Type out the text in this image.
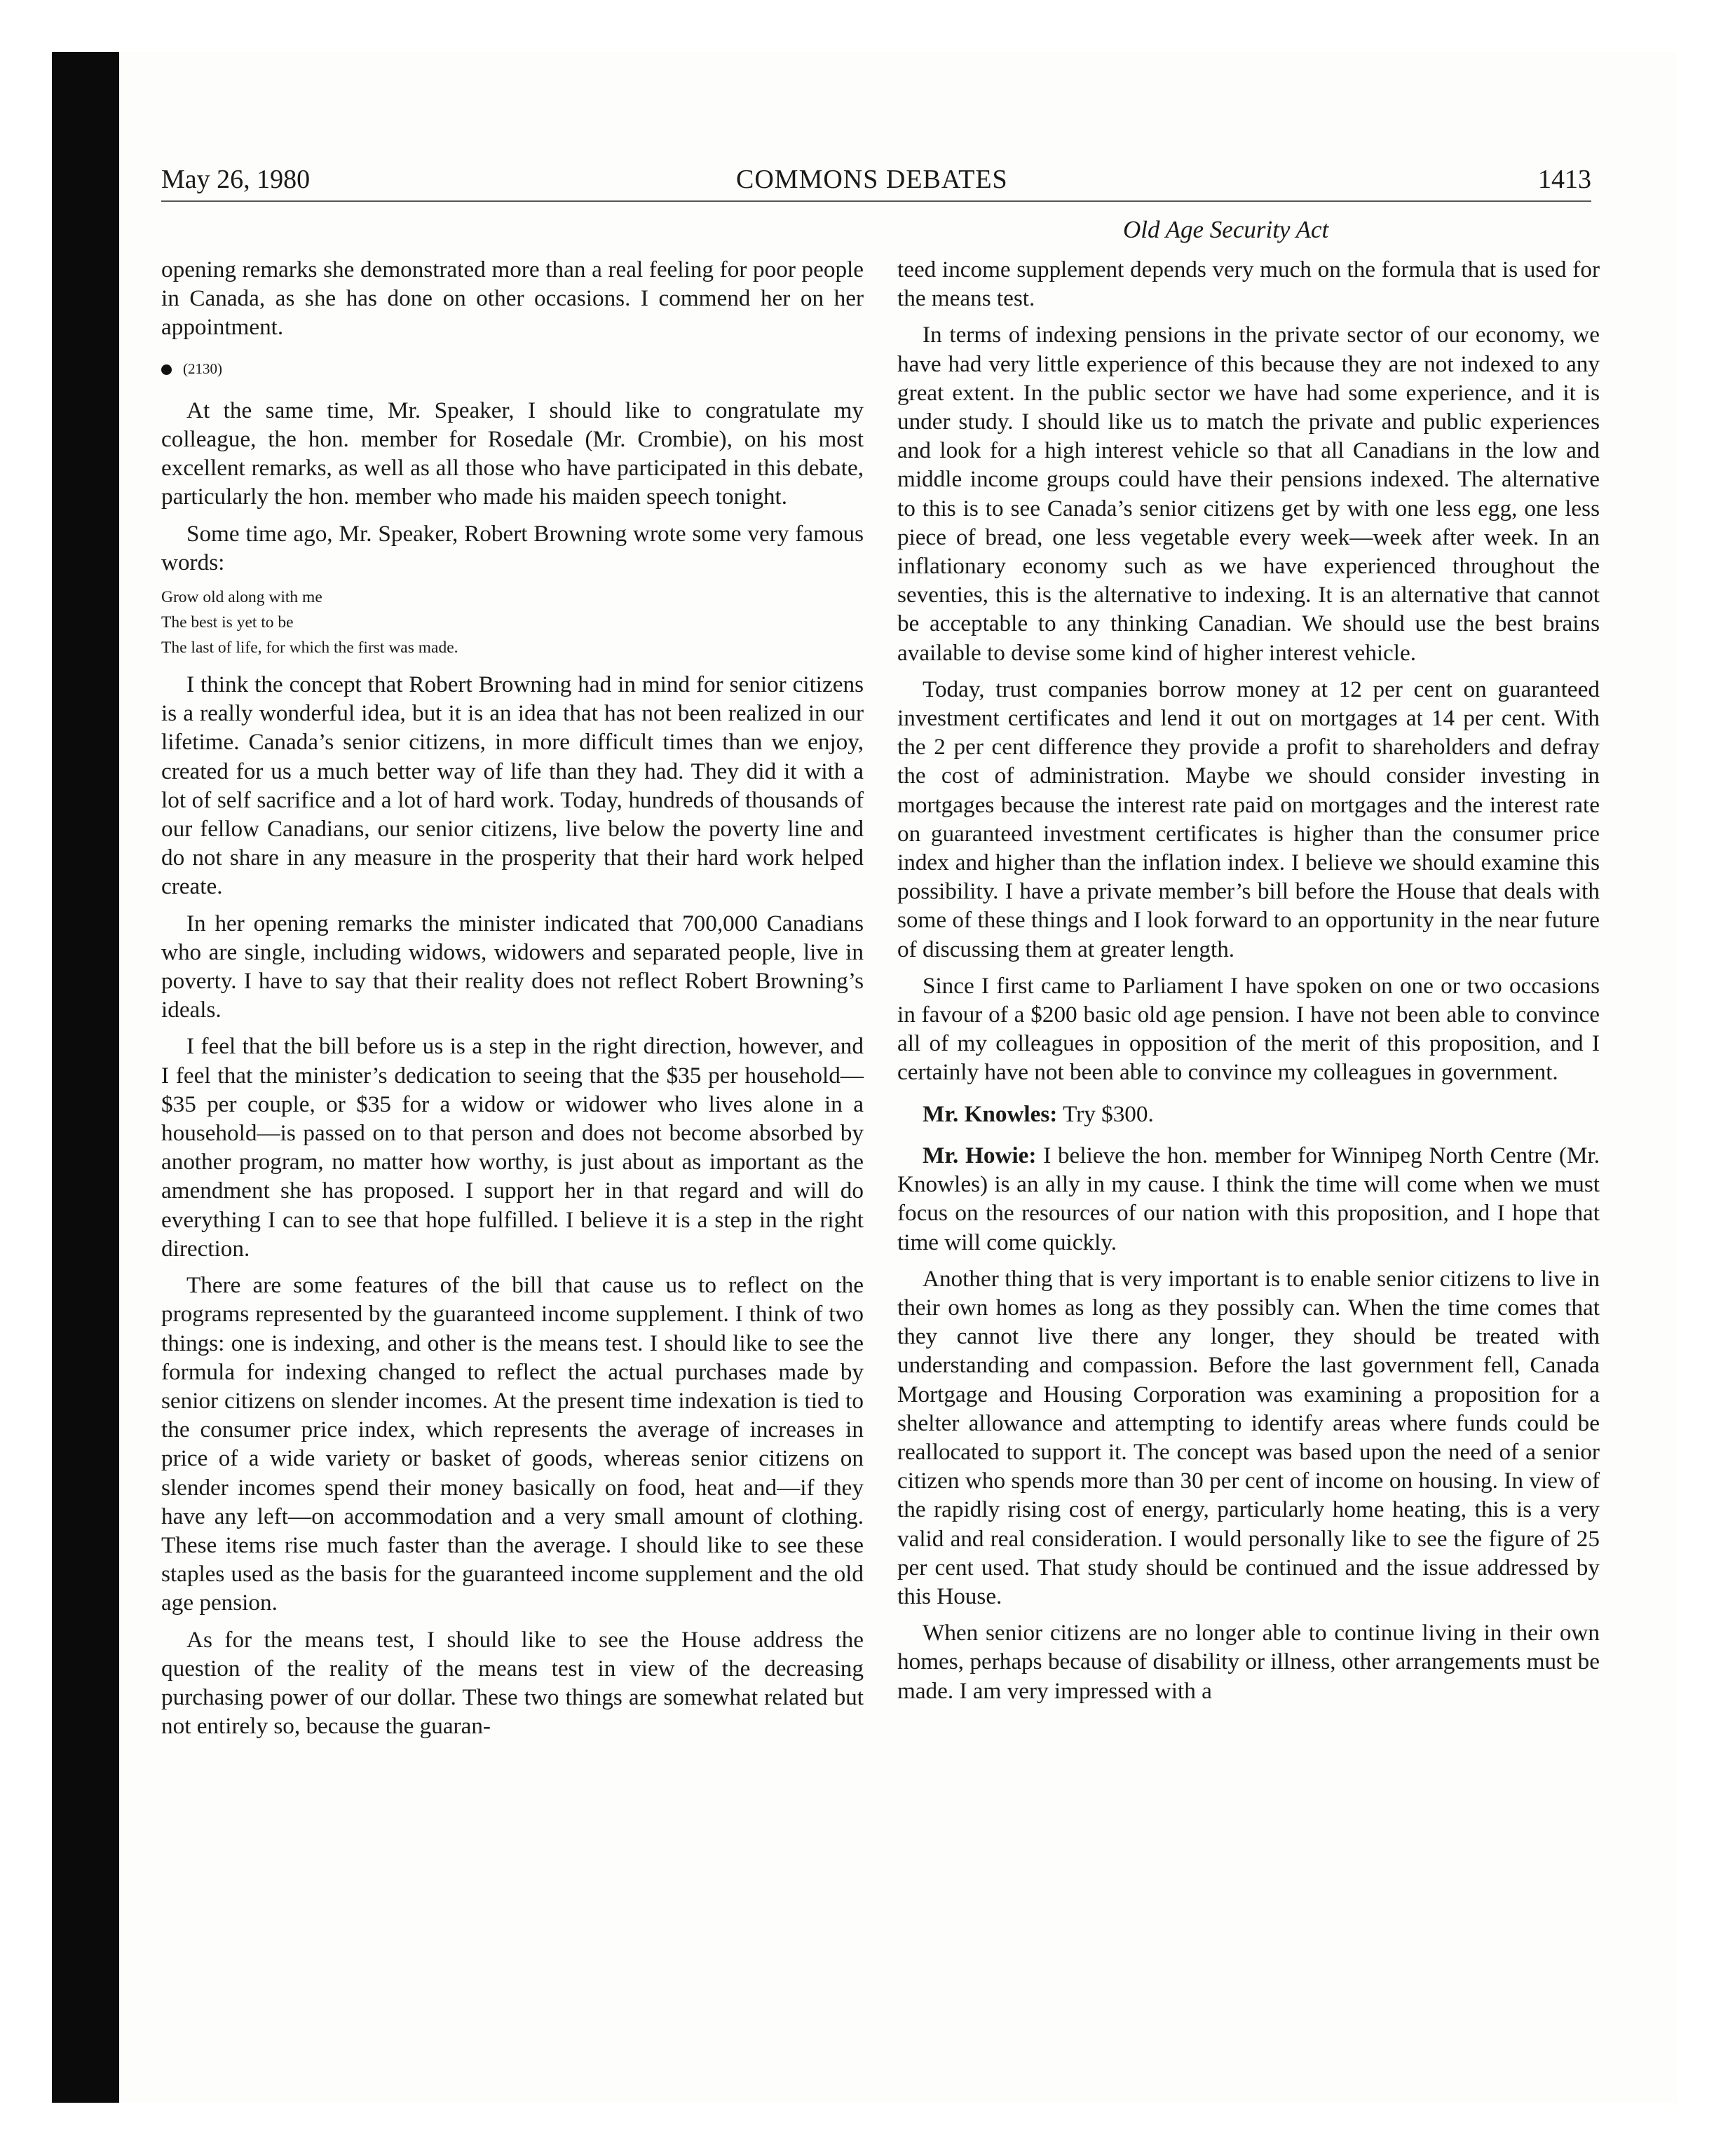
May 26, 1980	COMMONS DEBATES	1413
Old Age Security Act

opening remarks she demonstrated more than a real feeling for poor people in Canada, as she has done on other occasions. I commend her on her appointment.

(2130)

At the same time, Mr. Speaker, I should like to congratulate my colleague, the hon. member for Rosedale (Mr. Crombie), on his most excellent remarks, as well as all those who have participated in this debate, particularly the hon. member who made his maiden speech tonight.

Some time ago, Mr. Speaker, Robert Browning wrote some very famous words:

Grow old along with me
The best is yet to be
The last of life, for which the first was made.

I think the concept that Robert Browning had in mind for senior citizens is a really wonderful idea, but it is an idea that has not been realized in our lifetime. Canada’s senior citizens, in more difficult times than we enjoy, created for us a much better way of life than they had. They did it with a lot of self sacrifice and a lot of hard work. Today, hundreds of thousands of our fellow Canadians, our senior citizens, live below the poverty line and do not share in any measure in the prosperity that their hard work helped create.

In her opening remarks the minister indicated that 700,000 Canadians who are single, including widows, widowers and separated people, live in poverty. I have to say that their reality does not reflect Robert Browning’s ideals.

I feel that the bill before us is a step in the right direction, however, and I feel that the minister’s dedication to seeing that the $35 per household—$35 per couple, or $35 for a widow or widower who lives alone in a household—is passed on to that person and does not become absorbed by another program, no matter how worthy, is just about as important as the amendment she has proposed. I support her in that regard and will do everything I can to see that hope fulfilled. I believe it is a step in the right direction.

There are some features of the bill that cause us to reflect on the programs represented by the guaranteed income supplement. I think of two things: one is indexing, and other is the means test. I should like to see the formula for indexing changed to reflect the actual purchases made by senior citizens on slender incomes. At the present time indexation is tied to the consumer price index, which represents the average of increases in price of a wide variety or basket of goods, whereas senior citizens on slender incomes spend their money basically on food, heat and—if they have any left—on accommodation and a very small amount of clothing. These items rise much faster than the average. I should like to see these staples used as the basis for the guaranteed income supplement and the old age pension.

As for the means test, I should like to see the House address the question of the reality of the means test in view of the decreasing purchasing power of our dollar. These two things are somewhat related but not entirely so, because the guaran-

teed income supplement depends very much on the formula that is used for the means test.

In terms of indexing pensions in the private sector of our economy, we have had very little experience of this because they are not indexed to any great extent. In the public sector we have had some experience, and it is under study. I should like us to match the private and public experiences and look for a high interest vehicle so that all Canadians in the low and middle income groups could have their pensions indexed. The alternative to this is to see Canada’s senior citizens get by with one less egg, one less piece of bread, one less vegetable every week—week after week. In an inflationary economy such as we have experienced throughout the seventies, this is the alternative to indexing. It is an alternative that cannot be acceptable to any thinking Canadian. We should use the best brains available to devise some kind of higher interest vehicle.

Today, trust companies borrow money at 12 per cent on guaranteed investment certificates and lend it out on mortgages at 14 per cent. With the 2 per cent difference they provide a profit to shareholders and defray the cost of administration. Maybe we should consider investing in mortgages because the interest rate paid on mortgages and the interest rate on guaranteed investment certificates is higher than the consumer price index and higher than the inflation index. I believe we should examine this possibility. I have a private member’s bill before the House that deals with some of these things and I look forward to an opportunity in the near future of discussing them at greater length.

Since I first came to Parliament I have spoken on one or two occasions in favour of a $200 basic old age pension. I have not been able to convince all of my colleagues in opposition of the merit of this proposition, and I certainly have not been able to convince my colleagues in government.

Mr. Knowles: Try $300.

Mr. Howie: I believe the hon. member for Winnipeg North Centre (Mr. Knowles) is an ally in my cause. I think the time will come when we must focus on the resources of our nation with this proposition, and I hope that time will come quickly.

Another thing that is very important is to enable senior citizens to live in their own homes as long as they possibly can. When the time comes that they cannot live there any longer, they should be treated with understanding and compassion. Before the last government fell, Canada Mortgage and Housing Corporation was examining a proposition for a shelter allowance and attempting to identify areas where funds could be reallocated to support it. The concept was based upon the need of a senior citizen who spends more than 30 per cent of income on housing. In view of the rapidly rising cost of energy, particularly home heating, this is a very valid and real consideration. I would personally like to see the figure of 25 per cent used. That study should be continued and the issue addressed by this House.

When senior citizens are no longer able to continue living in their own homes, perhaps because of disability or illness, other arrangements must be made. I am very impressed with a
